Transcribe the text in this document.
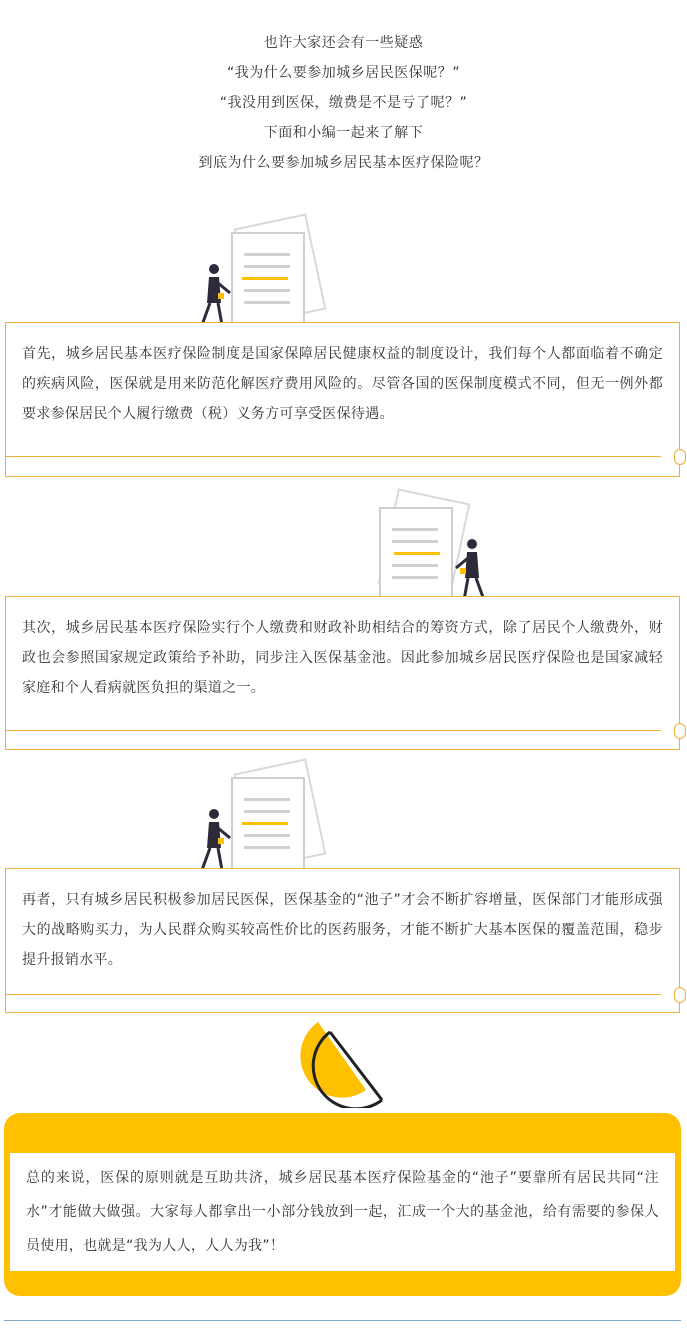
也许大家还会有一些疑惑

“我为什么要参加城乡居民医保呢？”

“我没用到医保，缴费是不是亏了呢？”

下面和小编一起来了解下

到底为什么要参加城乡居民基本医疗保险呢？

首先，城乡居民基本医疗保险制度是国家保障居民健康权益的制度设计，我们每个人都面临着不确定的疾病风险，医保就是用来防范化解医疗费用风险的。尽管各国的医保制度模式不同，但无一例外都要求参保居民个人履行缴费（税）义务方可享受医保待遇。
其次，城乡居民基本医疗保险实行个人缴费和财政补助相结合的筹资方式，除了居民个人缴费外，财政也会参照国家规定政策给予补助，同步注入医保基金池。因此参加城乡居民医疗保险也是国家减轻家庭和个人看病就医负担的渠道之一。
再者，只有城乡居民积极参加居民医保，医保基金的“池子”才会不断扩容增量，医保部门才能形成强大的战略购买力，为人民群众购买较高性价比的医药服务，才能不断扩大基本医保的覆盖范围，稳步提升报销水平。
总的来说，医保的原则就是互助共济，城乡居民基本医疗保险基金的“池子”要靠所有居民共同“注水”才能做大做强。大家每人都拿出一小部分钱放到一起，汇成一个大的基金池，给有需要的参保人员使用，也就是“我为人人，人人为我”！
